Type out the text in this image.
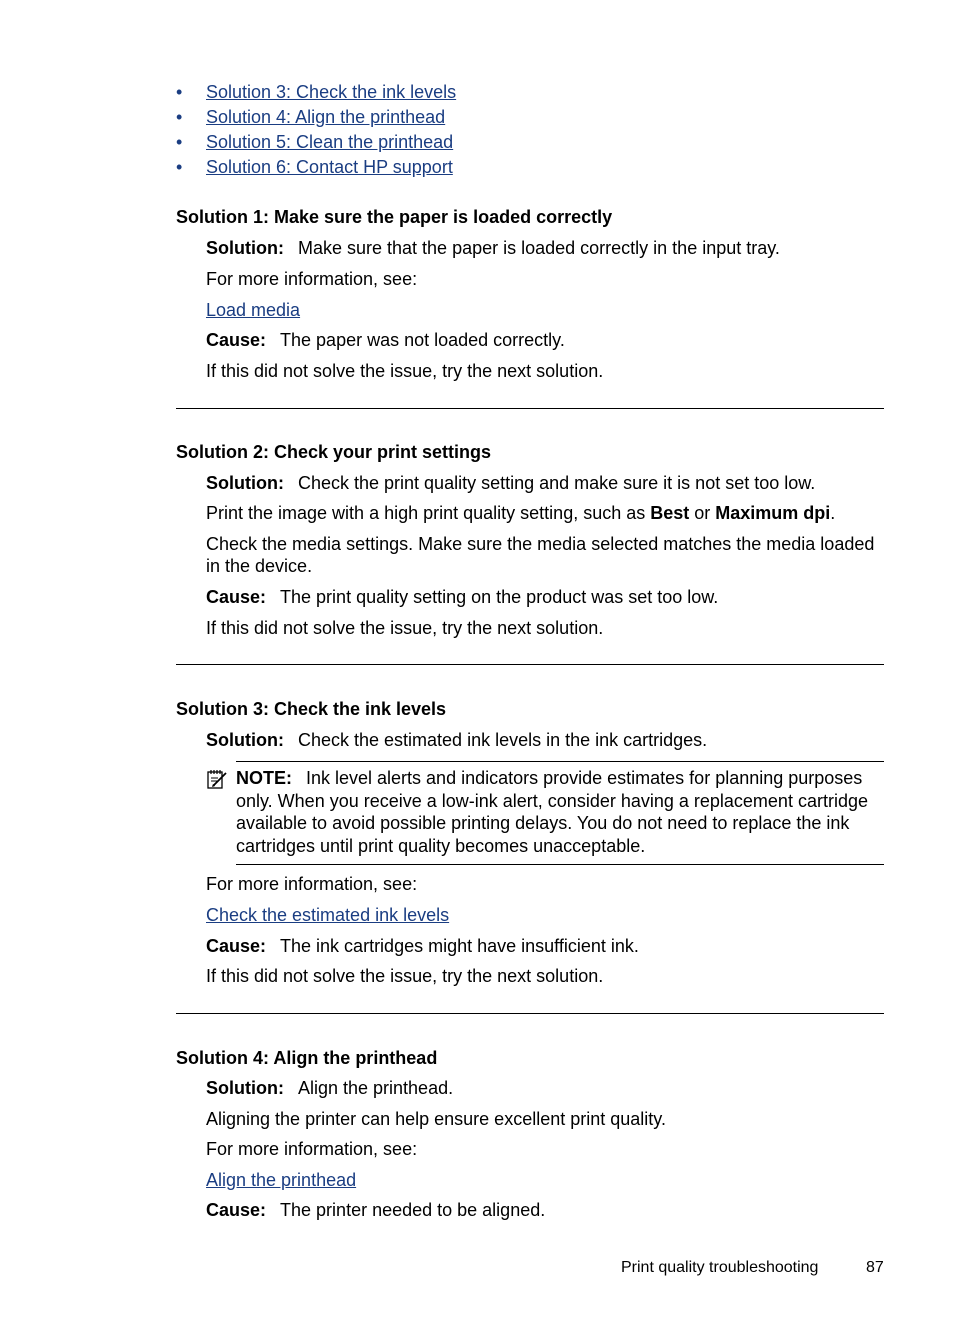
• Solution 3: Check the ink levels
• Solution 4: Align the printhead
• Solution 5: Clean the printhead
• Solution 6: Contact HP support
Solution 1: Make sure the paper is loaded correctly
Solution: Make sure that the paper is loaded correctly in the input tray.
For more information, see:
Load media
Cause: The paper was not loaded correctly.
If this did not solve the issue, try the next solution.
Solution 2: Check your print settings
Solution: Check the print quality setting and make sure it is not set too low.
Print the image with a high print quality setting, such as Best or Maximum dpi.
Check the media settings. Make sure the media selected matches the media loaded in the device.
Cause: The print quality setting on the product was set too low.
If this did not solve the issue, try the next solution.
Solution 3: Check the ink levels
Solution: Check the estimated ink levels in the ink cartridges.
NOTE: Ink level alerts and indicators provide estimates for planning purposes only. When you receive a low-ink alert, consider having a replacement cartridge available to avoid possible printing delays. You do not need to replace the ink cartridges until print quality becomes unacceptable.
For more information, see:
Check the estimated ink levels
Cause: The ink cartridges might have insufficient ink.
If this did not solve the issue, try the next solution.
Solution 4: Align the printhead
Solution: Align the printhead.
Aligning the printer can help ensure excellent print quality.
For more information, see:
Align the printhead
Cause: The printer needed to be aligned.
Print quality troubleshooting	87
